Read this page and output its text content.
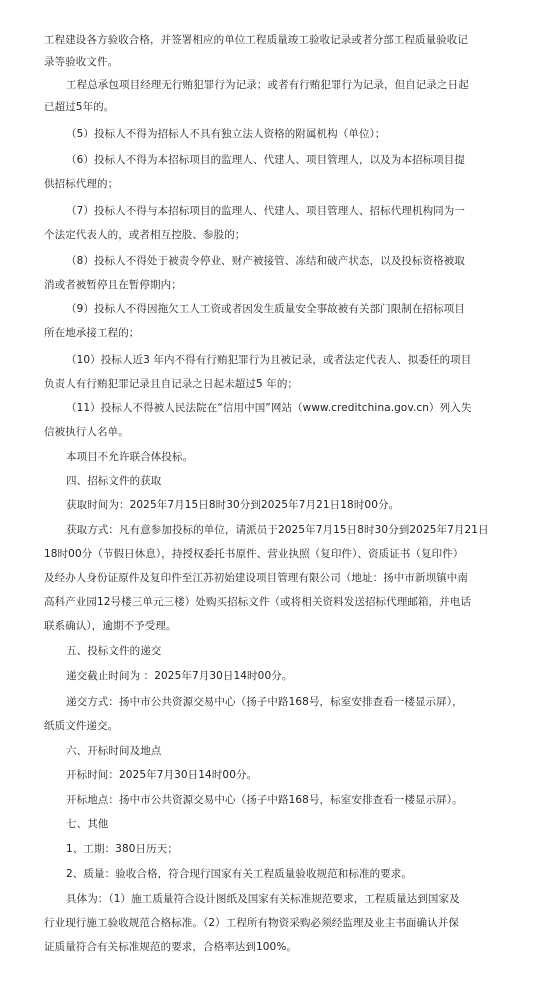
工程建设各方验收合格，并签署相应的单位工程质量竣工验收记录或者分部工程质量验收记
录等验收文件。
工程总承包项目经理无行贿犯罪行为记录；或者有行贿犯罪行为记录，但自记录之日起
已超过5年的。
（5）投标人不得为招标人不具有独立法人资格的附属机构（单位）；
（6）投标人不得为本招标项目的监理人、代建人、项目管理人，以及为本招标项目提
供招标代理的；
（7）投标人不得与本招标项目的监理人、代建人、项目管理人、招标代理机构同为一
个法定代表人的，或者相互控股、参股的；
（8）投标人不得处于被责令停业、财产被接管、冻结和破产状态，以及投标资格被取
消或者被暂停且在暂停期内；
（9）投标人不得因拖欠工人工资或者因发生质量安全事故被有关部门限制在招标项目
所在地承接工程的；
（10）投标人近3 年内不得有行贿犯罪行为且被记录，或者法定代表人、拟委任的项目
负责人有行贿犯罪记录且自记录之日起未超过5 年的；
（11）投标人不得被人民法院在“信用中国”网站（www.creditchina.gov.cn）列入失
信被执行人名单。
本项目不允许联合体投标。
四、招标文件的获取
获取时间为：2025年7月15日8时30分到2025年7月21日18时00分。
获取方式：凡有意参加投标的单位，请派员于2025年7月15日8时30分到2025年7月21日
18时00分（节假日休息），持授权委托书原件、营业执照（复印件）、资质证书（复印件）
及经办人身份证原件及复印件至江苏初始建设项目管理有限公司（地址：扬中市新坝镇中南
高科产业园12号楼三单元三楼）处购买招标文件（或将相关资料发送招标代理邮箱，并电话
联系确认），逾期不予受理。
五、投标文件的递交
递交截止时间为 ：2025年7月30日14时00分。
递交方式：扬中市公共资源交易中心（扬子中路168号，标室安排查看一楼显示屏），
纸质文件递交。
六、开标时间及地点
开标时间：2025年7月30日14时00分。
开标地点：扬中市公共资源交易中心（扬子中路168号，标室安排查看一楼显示屏）。
七、其他
1、工期：380日历天；
2、质量：验收合格，符合现行国家有关工程质量验收规范和标准的要求。
具体为：（1）施工质量符合设计图纸及国家有关标准规范要求，工程质量达到国家及
行业现行施工验收规范合格标准。（2）工程所有物资采购必须经监理及业主书面确认并保
证质量符合有关标准规范的要求，合格率达到100%。
